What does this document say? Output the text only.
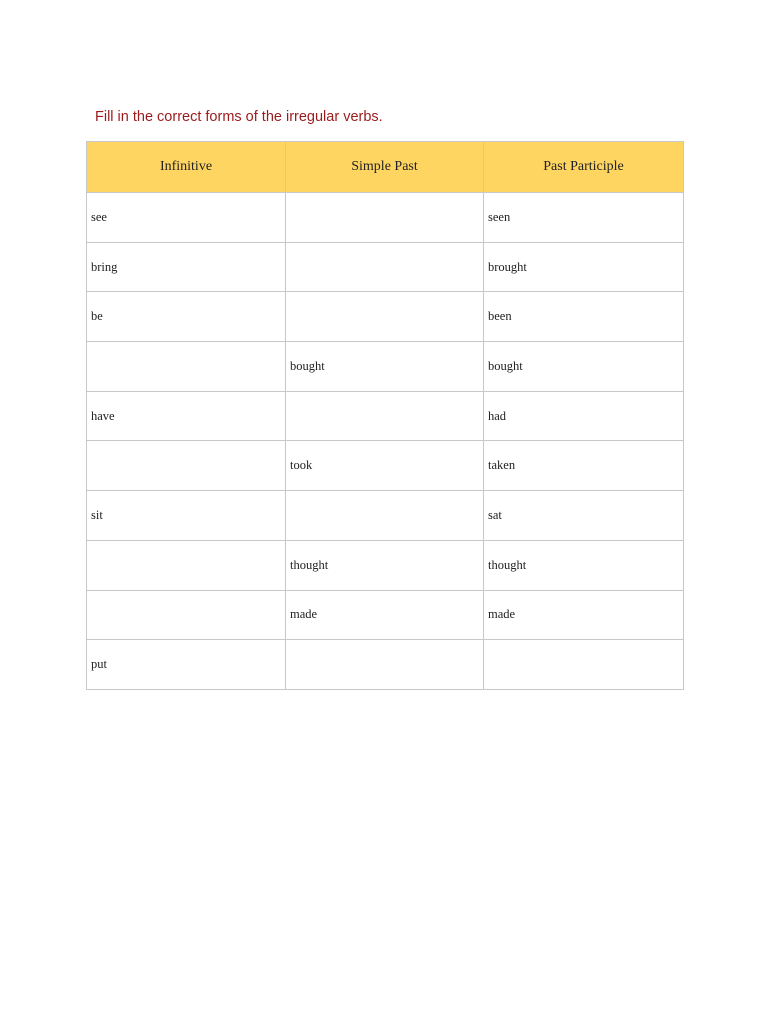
Fill in the correct forms of the irregular verbs.

Infinitive	Simple Past	Past Participle
see		seen
bring		brought
be		been
	bought	bought
have		had
	took	taken
sit		sat
	thought	thought
	made	made
put		
